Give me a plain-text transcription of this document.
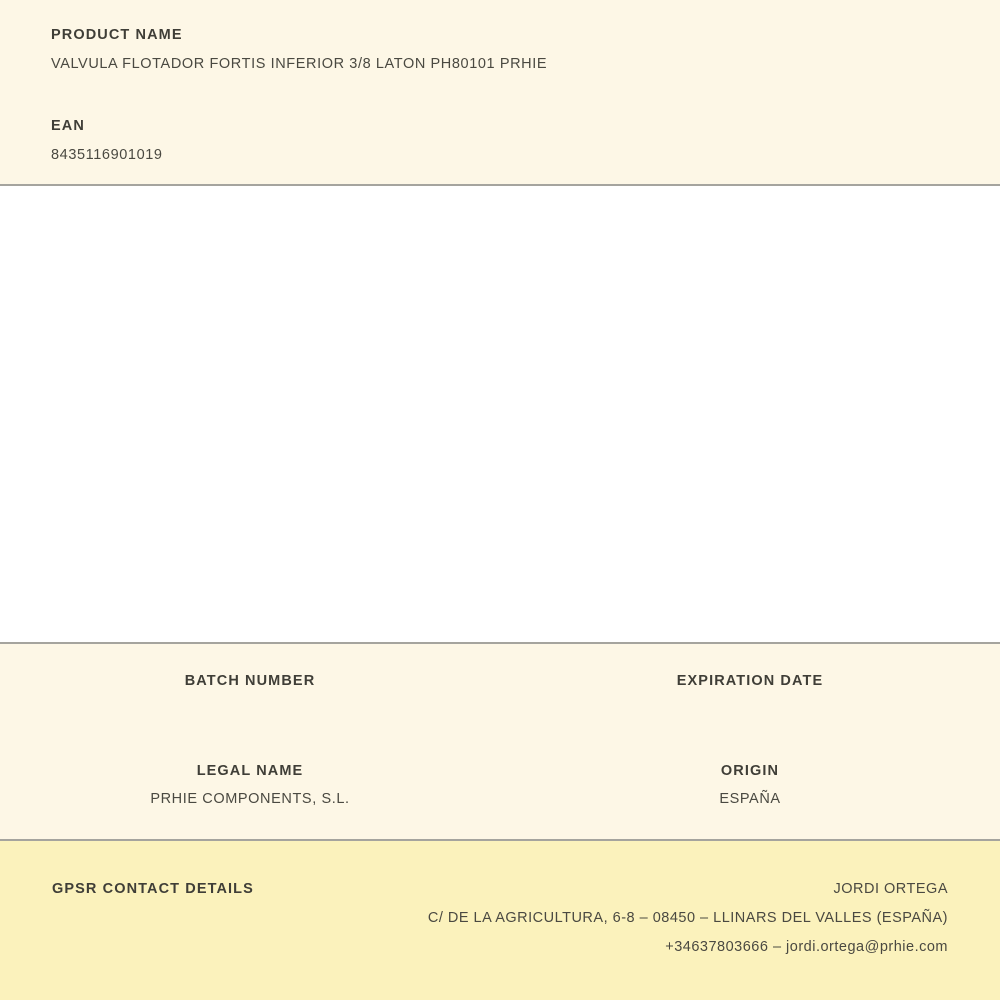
PRODUCT NAME
VALVULA FLOTADOR FORTIS INFERIOR 3/8 LATON PH80101 PRHIE
EAN
8435116901019
BATCH NUMBER	EXPIRATION DATE
LEGAL NAME
PRHIE COMPONENTS, S.L.
ORIGIN
ESPAÑA
GPSR CONTACT DETAILS	JORDI ORTEGA
C/ DE LA AGRICULTURA, 6-8 – 08450 – LLINARS DEL VALLES (ESPAÑA)
+34637803666 – jordi.ortega@prhie.com
